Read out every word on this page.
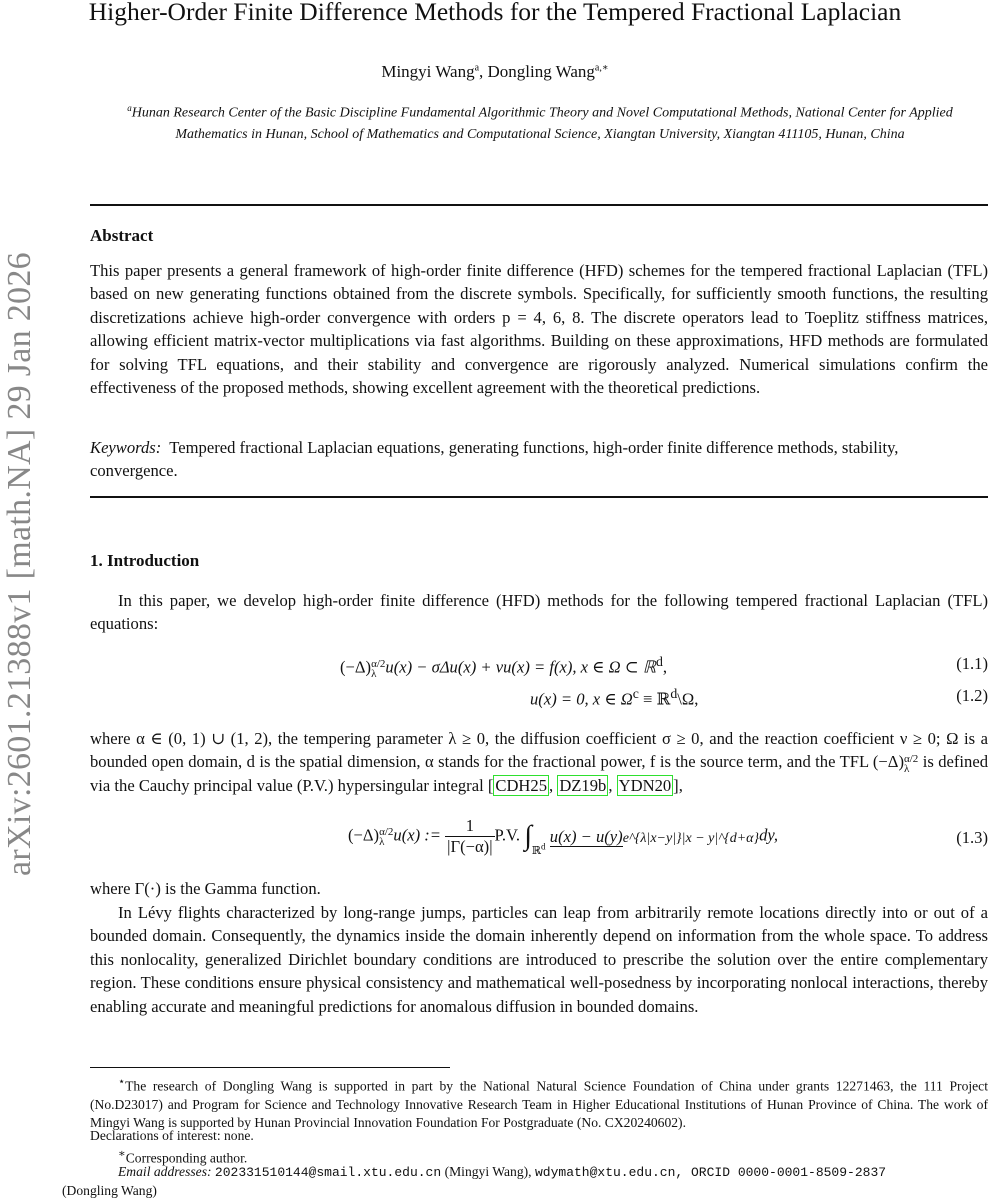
arXiv:2601.21388v1 [math.NA] 29 Jan 2026
Higher-Order Finite Difference Methods for the Tempered Fractional Laplacian
Mingyi Wang$^a$, Dongling Wang$^{a,∗}$
$^a$Hunan Research Center of the Basic Discipline Fundamental Algorithmic Theory and Novel Computational Methods, National Center for Applied Mathematics in Hunan, School of Mathematics and Computational Science, Xiangtan University, Xiangtan 411105, Hunan, China
Abstract
This paper presents a general framework of high-order finite difference (HFD) schemes for the tempered fractional Laplacian (TFL) based on new generating functions obtained from the discrete symbols. Specifically, for sufficiently smooth functions, the resulting discretizations achieve high-order convergence with orders p = 4, 6, 8. The discrete operators lead to Toeplitz stiffness matrices, allowing efficient matrix-vector multiplications via fast algorithms. Building on these approximations, HFD methods are formulated for solving TFL equations, and their stability and convergence are rigorously analyzed. Numerical simulations confirm the effectiveness of the proposed methods, showing excellent agreement with the theoretical predictions.
Keywords: Tempered fractional Laplacian equations, generating functions, high-order finite difference methods, stability, convergence.
1. Introduction
In this paper, we develop high-order finite difference (HFD) methods for the following tempered fractional Laplacian (TFL) equations:
(−Δ) α/2
λ u(x) − σΔu(x) + νu(x) = f(x), x ∈ Ω ⊂ ℝ$^d$,	(1.1)
u(x) = 0, x ∈ $\Omega^c$ ≡ ℝ$^d$\Ω,	(1.2)
where α ∈ (0, 1) ∪ (1, 2), the tempering parameter λ ≥ 0, the diffusion coefficient σ ≥ 0, and the reaction coefficient ν ≥ 0; Ω is a bounded open domain, d is the spatial dimension, α stands for the fractional power, f is the source term, and the TFL (−Δ) α/2
λ is defined via the Cauchy principal value (P.V.) hypersingular integral [ CDH25 , DZ19b , YDN20 ],
(−Δ) α/2
λ u(x) := $\frac{1}{|\Gamma(-\alpha)|} P.V$. $\int_{ℝ^d}$ u(x) − u(y)e^{λ|x−y|}|x − y|^{d+α}dy,	(1.3)
where Γ(·) is the Gamma function.
In Lévy flights characterized by long-range jumps, particles can leap from arbitrarily remote locations directly into or out of a bounded domain. Consequently, the dynamics inside the domain inherently depend on information from the whole space. To address this nonlocality, generalized Dirichlet boundary conditions are introduced to prescribe the solution over the entire complementary region. These conditions ensure physical consistency and mathematical well-posedness by incorporating nonlocal interactions, thereby enabling accurate and meaningful predictions for anomalous diffusion in bounded domains.
⋆The research of Dongling Wang is supported in part by the National Natural Science Foundation of China under grants 12271463, the 111 Project (No.D23017) and Program for Science and Technology Innovative Research Team in Higher Educational Institutions of Hunan Province of China. The work of Mingyi Wang is supported by Hunan Provincial Innovation Foundation For Postgraduate (No. CX20240602).
Declarations of interest: none.
∗Corresponding author.
Email addresses: 202331510144@smail.xtu.edu.cn (Mingyi Wang), wdymath@xtu.edu.cn, ORCID 0000-0001-8509-2837
(Dongling Wang)
